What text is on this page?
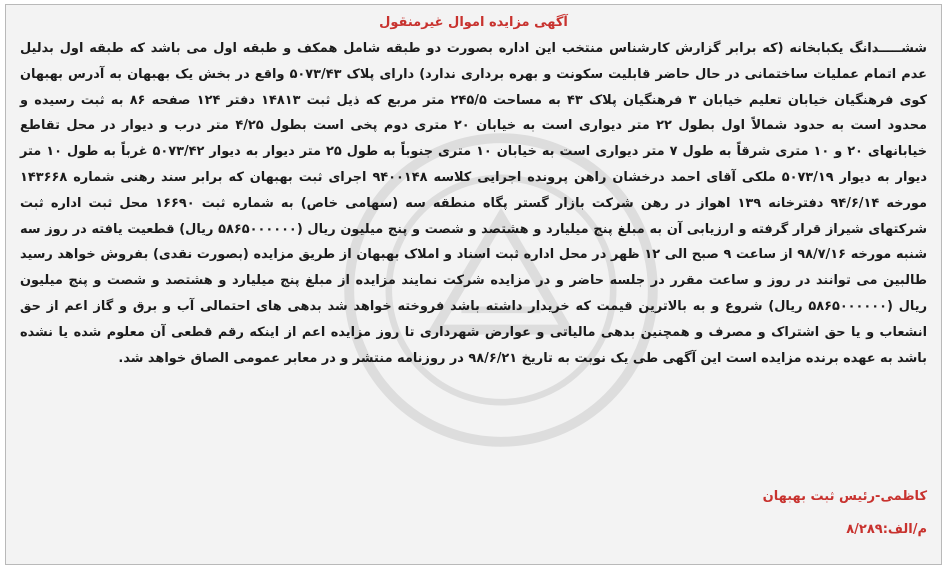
آگهی مزایده اموال غیرمنقول
ششـــــدانگ یکبابخانه (که برابر گزارش کارشناس منتخب این اداره بصورت دو طبقه شامل همکف و طبقه اول می باشد که طبقه اول بدلیل عدم اتمام عملیات ساختمانی در حال حاضر قابلیت سکونت و بهره برداری ندارد) دارای پلاک ۵۰۷۳/۴۳ واقع در بخش یک بهبهان به آدرس بهبهان کوی فرهنگیان خیابان تعلیم خیابان ۳ فرهنگیان پلاک ۴۳ به مساحت ۲۴۵/۵ متر مربع که ذیل ثبت ۱۴۸۱۳ دفتر ۱۲۴ صفحه ۸۶ به ثبت رسیده و محدود است به حدود شمالاً اول بطول ۲۲ متر دیواری است به خیابان ۲۰ متری دوم پخی است بطول ۴/۲۵ متر درب و دیوار در محل تقاطع خیابانهای ۲۰ و ۱۰ متری شرقاً به طول ۷ متر دیواری است به خیابان ۱۰ متری جنوباً به طول ۲۵ متر دیوار به دیوار ۵۰۷۳/۴۲ غرباً به طول ۱۰ متر دیوار به دیوار ۵۰۷۳/۱۹ ملکی آقای احمد درخشان راهن پرونده اجرایی کلاسه ۹۴۰۰۱۴۸ اجرای ثبت بهبهان که برابر سند رهنی شماره ۱۴۳۶۶۸ مورخه ۹۴/۶/۱۴ دفترخانه ۱۳۹ اهواز در رهن شرکت بازار گستر پگاه منطقه سه (سهامی خاص) به شماره ثبت ۱۶۶۹۰ محل ثبت اداره ثبت شرکتهای شیراز قرار گرفته و ارزیابی آن به مبلغ پنج میلیارد و هشتصد و شصت و پنج میلیون ریال (۵۸۶۵۰۰۰۰۰۰ ریال) قطعیت یافته در روز سه شنبه مورخه ۹۸/۷/۱۶ از ساعت ۹ صبح الی ۱۲ ظهر در محل اداره ثبت اسناد و املاک بهبهان از طریق مزایده (بصورت نقدی) بفروش خواهد رسید طالبین می توانند در روز و ساعت مقرر در جلسه حاضر و در مزایده شرکت نمایند مزایده از مبلغ پنج میلیارد و هشتصد و شصت و پنج میلیون ریال (۵۸۶۵۰۰۰۰۰۰ ریال) شروع و به بالاترین قیمت که خریدار داشته باشد فروخته خواهد شد بدهی های احتمالی آب و برق و گاز اعم از حق انشعاب و یا حق اشتراک و مصرف و همچنین بدهی مالیاتی و عوارض شهرداری تا روز مزایده اعم از اینکه رقم قطعی آن معلوم شده یا نشده باشد به عهده برنده مزایده است این آگهی طی یک نوبت به تاریخ ۹۸/۶/۲۱ در روزنامه منتشر و در معابر عمومی الصاق خواهد شد.
کاظمی-رئیس ثبت بهبهان
م/الف:۸/۲۸۹
